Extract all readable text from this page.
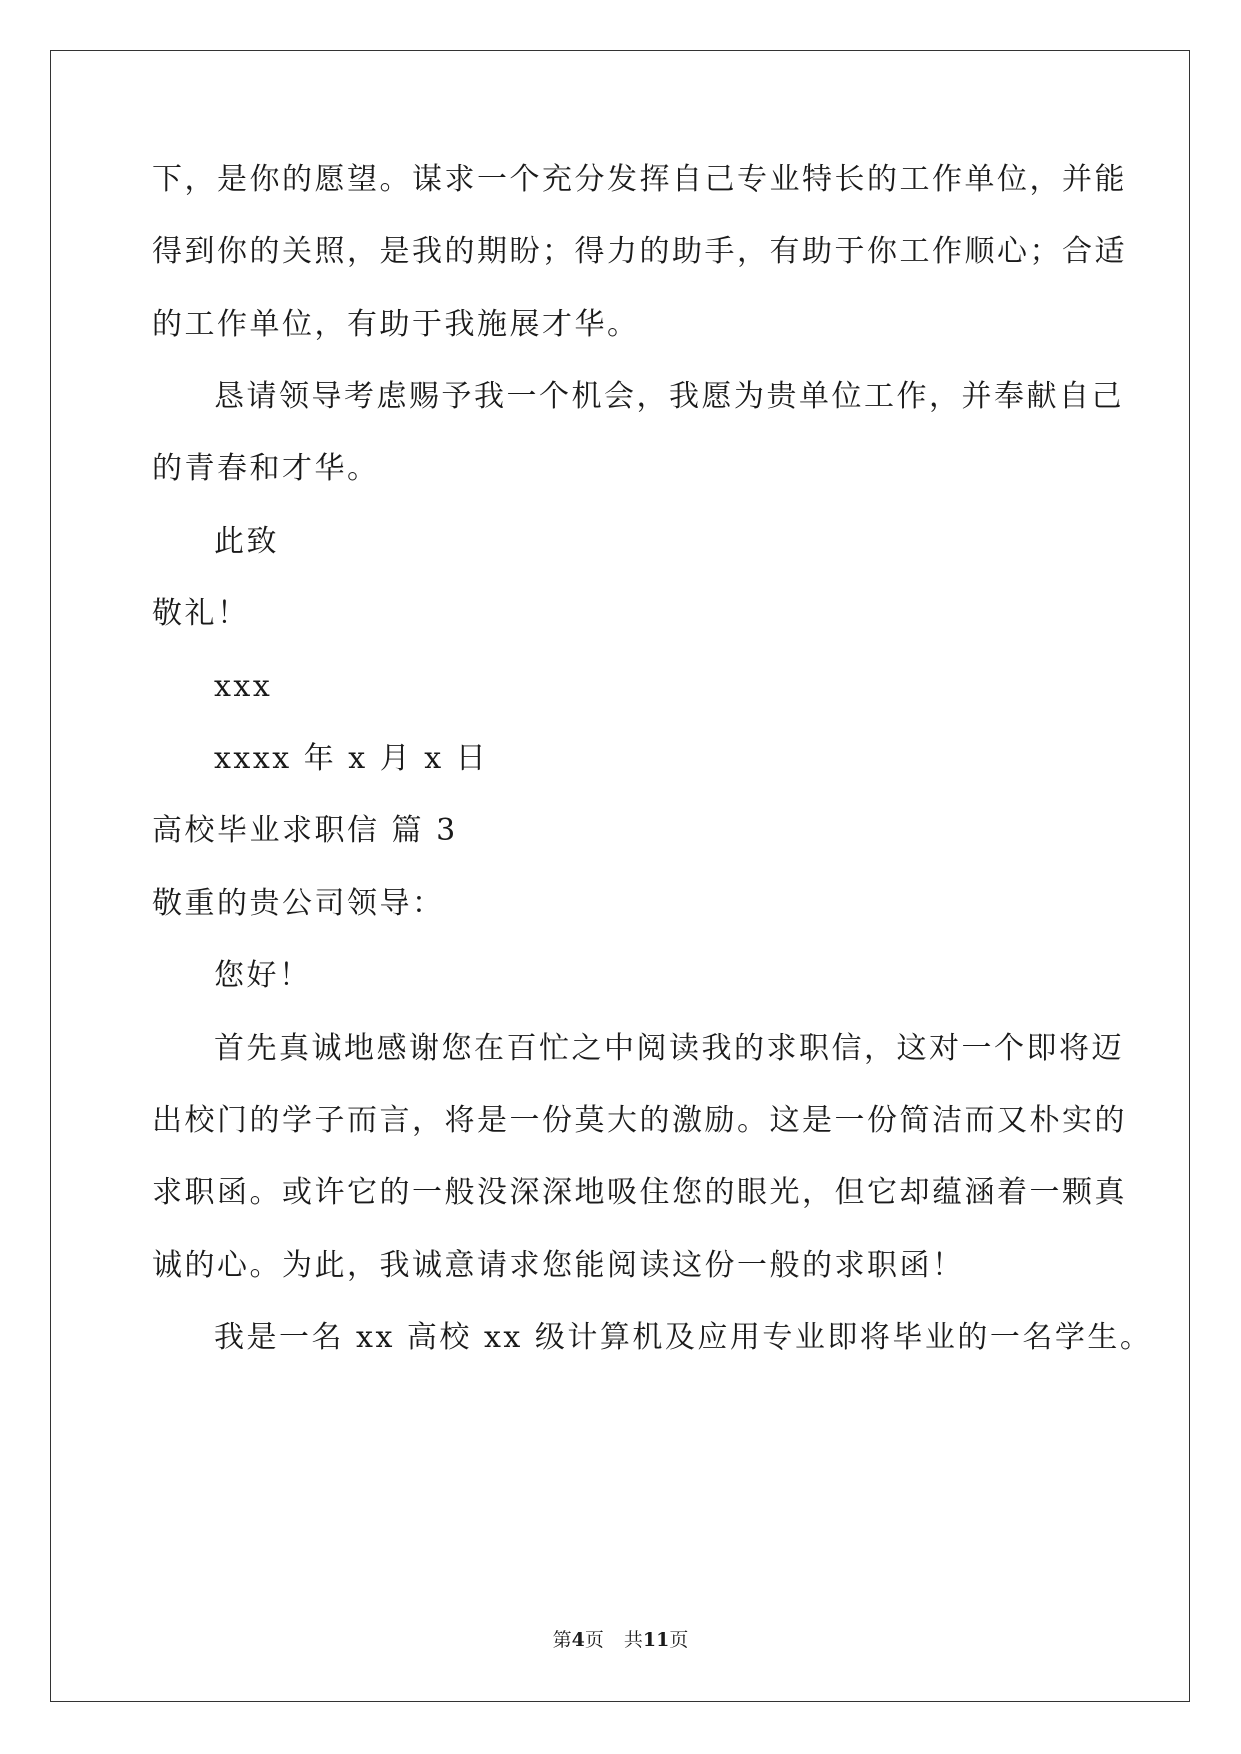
下，是你的愿望。谋求一个充分发挥自己专业特长的工作单位，并能
得到你的关照，是我的期盼；得力的助手，有助于你工作顺心；合适
的工作单位，有助于我施展才华。
恳请领导考虑赐予我一个机会，我愿为贵单位工作，并奉献自己
的青春和才华。
此致
敬礼！
xxx
xxxx 年 x 月 x 日
高校毕业求职信 篇 3
敬重的贵公司领导：
您好！
首先真诚地感谢您在百忙之中阅读我的求职信，这对一个即将迈
出校门的学子而言，将是一份莫大的激励。这是一份简洁而又朴实的
求职函。或许它的一般没深深地吸住您的眼光，但它却蕴涵着一颗真
诚的心。为此，我诚意请求您能阅读这份一般的求职函！
我是一名 xx 高校 xx 级计算机及应用专业即将毕业的一名学生。
第4页 共11页
